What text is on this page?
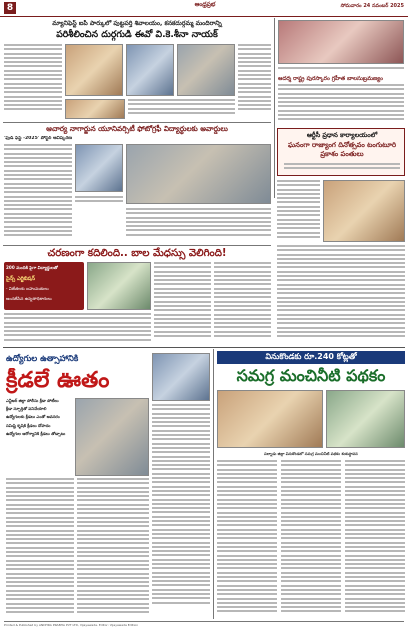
8	ఆంధ్రప్రభ	సోమవారం 24 నవంబర్ 2025
మ్యానిఫెస్ట్ ఐపీ పార్కులో పుట్టపర్తి శివాలయం, కనకదుర్గమ్మ మందిరాన్ని
పరిశీలించిన దుర్గగుడి ఈవో వి.కె.శీనా నాయక్
ఆదర్శ రాష్ట్ర పురస్కారం గ్రహీత బాలసుబ్రమణ్యం
ఆచార్య నాగార్జున యూనివర్సిటీ ఫోటోగ్రఫీ విద్యార్థులకు అవార్డులు
'ఫుడ్ ఫెస్ట్ -2025' పోస్టర్ ఆవిష్కరణ	ఆర్టీసీ ప్రధాన కార్యాలయంలో
ఘనంగా రాజ్యాంగ దినోత్సవం టంగుటూరి ప్రకాశం పంతులు
చరణంగా కదిలింది.. బాల మేధస్సు వెలిగింది!
200 మందికి పైగా విద్యార్థులతో
సైన్స్ ఎగ్జిబిషన్
- విజేతలకు బహుమతులు
అందజేసిన ఉన్నతాధికారులు
ఉద్యోగుల ఉత్సాహానికి
క్రీడలే ఊతం
ఎన్టీఆర్ జిల్లా పోలీసు క్రీడా పోటీలు
క్రీడా స్ఫూర్తితో పనిచేయాలి
ఉద్యోగులకు క్రీడలు ఎంతో అవసరం
సమిష్టి కృషికి క్రీడలు దోహదం
ఉద్యోగుల ఆరోగ్యానికి క్రీడలు తోడ్పాటు
వినుకొండకు రూ.240 కోట్లతో
సమగ్ర మంచినీటి పథకం
పల్నాడు జిల్లా వినుకొండలో సమగ్ర మంచినీటి పథకం శంకుస్థాపన
Printed & Published by ANDHRA PRABHA PVT LTD, Vijayawada. Editor: Vijayawada Edition
